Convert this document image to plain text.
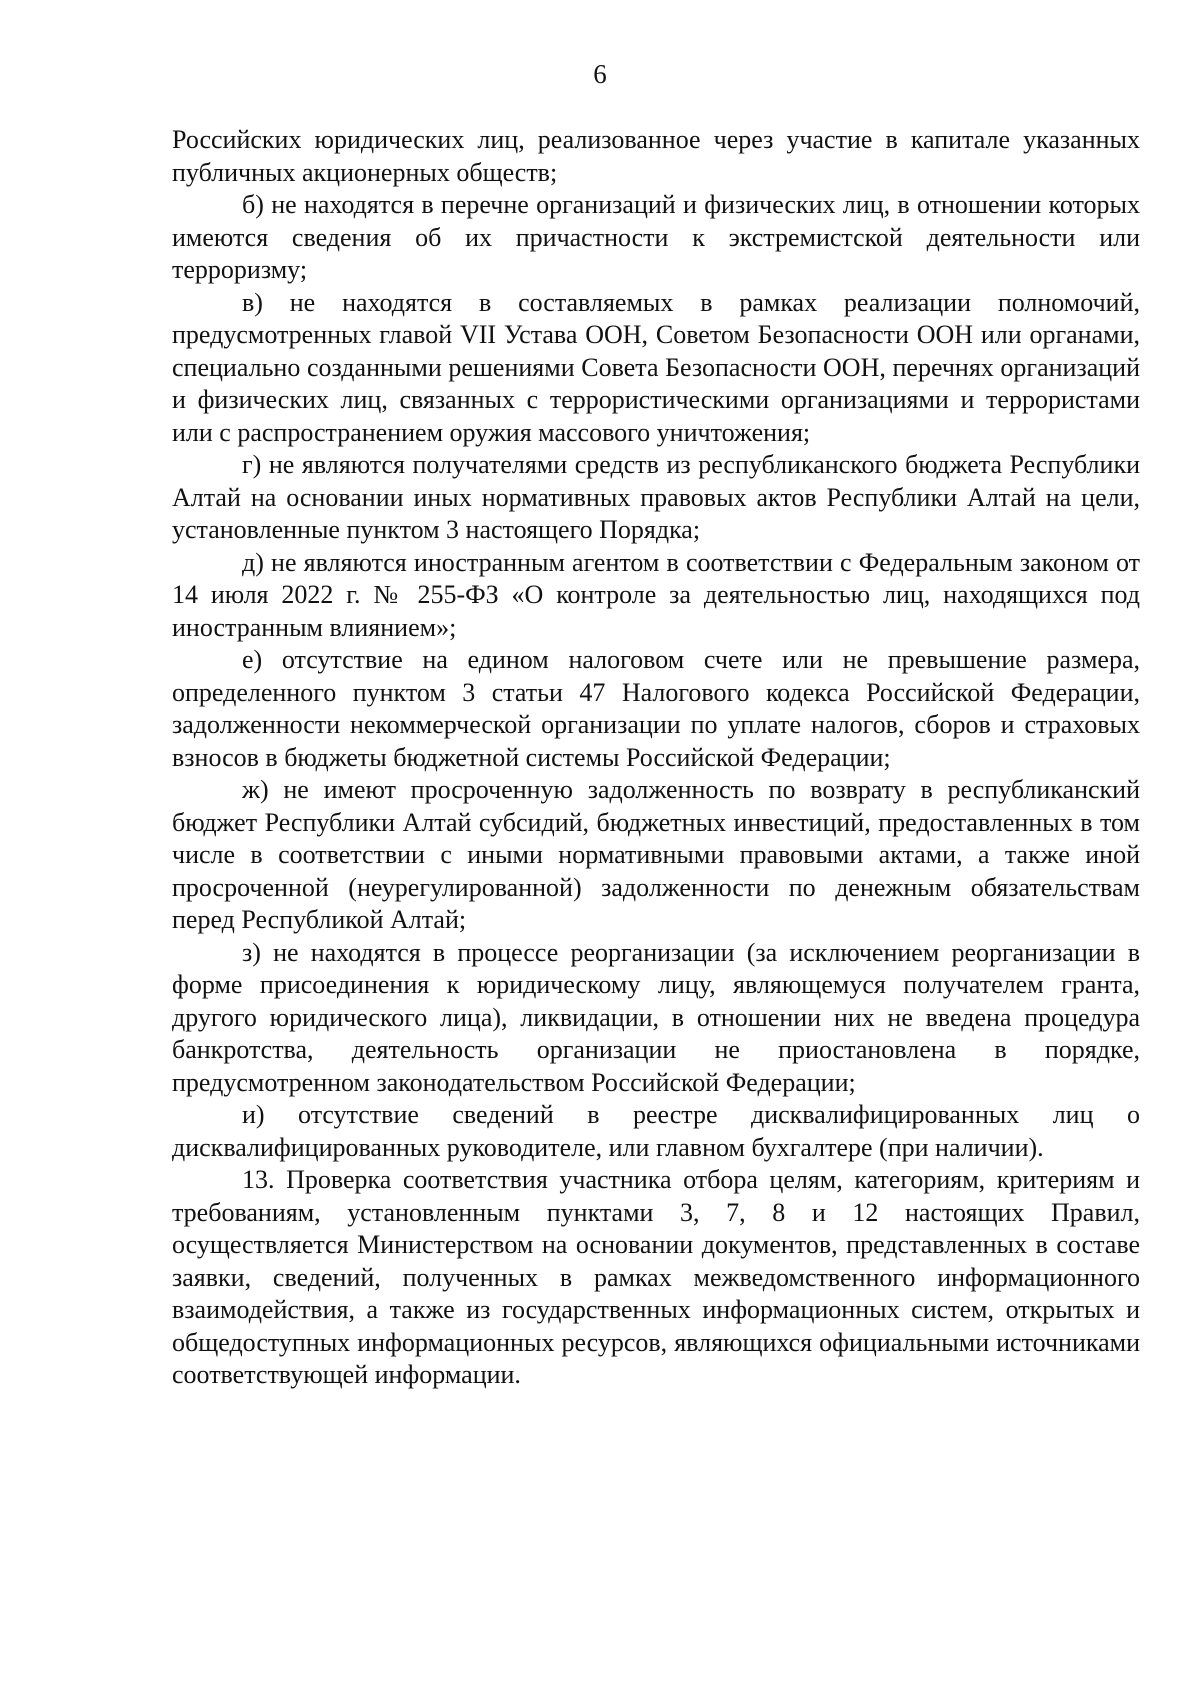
6

Российских юридических лиц, реализованное через участие в капитале указанных публичных акционерных обществ;

б) не находятся в перечне организаций и физических лиц, в отношении которых имеются сведения об их причастности к экстремистской деятельности или терроризму;

в) не находятся в составляемых в рамках реализации полномочий, предусмотренных главой VII Устава ООН, Советом Безопасности ООН или органами, специально созданными решениями Совета Безопасности ООН, перечнях организаций и физических лиц, связанных с террористическими организациями и террористами или с распространением оружия массового уничтожения;

г) не являются получателями средств из республиканского бюджета Республики Алтай на основании иных нормативных правовых актов Республики Алтай на цели, установленные пунктом 3 настоящего Порядка;

д) не являются иностранным агентом в соответствии с Федеральным законом от 14 июля 2022 г. № 255-ФЗ «О контроле за деятельностью лиц, находящихся под иностранным влиянием»;

е) отсутствие на едином налоговом счете или не превышение размера, определенного пунктом 3 статьи 47 Налогового кодекса Российской Федерации, задолженности некоммерческой организации по уплате налогов, сборов и страховых взносов в бюджеты бюджетной системы Российской Федерации;

ж) не имеют просроченную задолженность по возврату в республиканский бюджет Республики Алтай субсидий, бюджетных инвестиций, предоставленных в том числе в соответствии с иными нормативными правовыми актами, а также иной просроченной (неурегулированной) задолженности по денежным обязательствам перед Республикой Алтай;

з) не находятся в процессе реорганизации (за исключением реорганизации в форме присоединения к юридическому лицу, являющемуся получателем гранта, другого юридического лица), ликвидации, в отношении них не введена процедура банкротства, деятельность организации не приостановлена в порядке, предусмотренном законодательством Российской Федерации;

и) отсутствие сведений в реестре дисквалифицированных лиц о дисквалифицированных руководителе, или главном бухгалтере (при наличии).

13. Проверка соответствия участника отбора целям, категориям, критериям и требованиям, установленным пунктами 3, 7, 8 и 12 настоящих Правил, осуществляется Министерством на основании документов, представленных в составе заявки, сведений, полученных в рамках межведомственного информационного взаимодействия, а также из государственных информационных систем, открытых и общедоступных информационных ресурсов, являющихся официальными источниками соответствующей информации.
